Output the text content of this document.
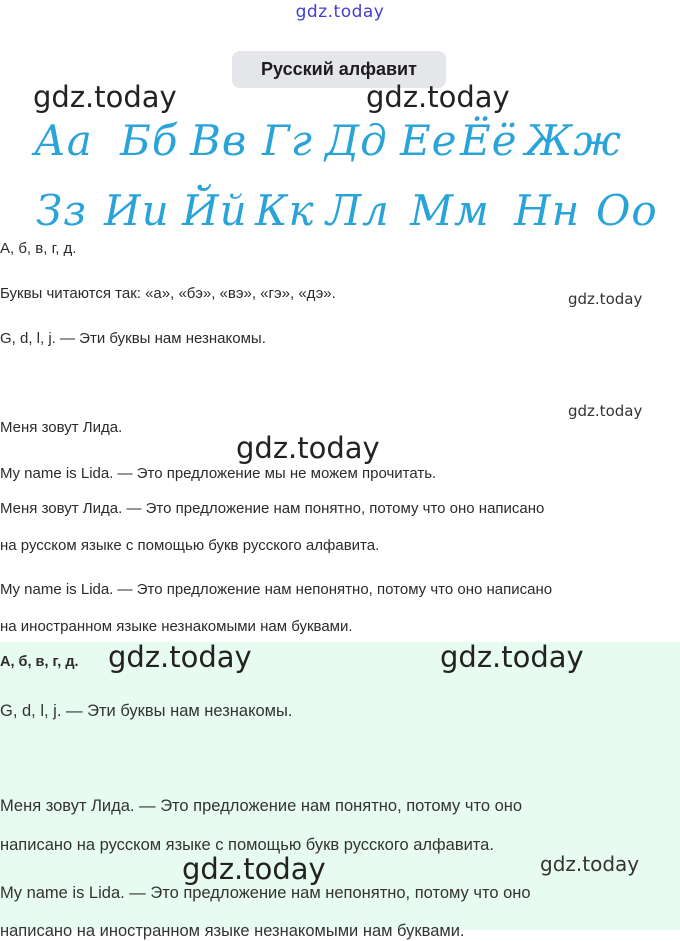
gdz.today
Русский алфавит
gdz.today	gdz.today
Аа Бб Вв Гг Дд Ее Ёё Жж
Зз Ии Йй Кк Лл Мм Нн Оо
А, б, в, г, д.
Буквы читаются так: «а», «бэ», «вэ», «гэ», «дэ».	gdz.today
G, d, l, j. — Эти буквы нам незнакомы.
gdz.today
Меня зовут Лида.
gdz.today
My name is Lida. — Это предложение мы не можем прочитать.
Меня зовут Лида. — Это предложение нам понятно, потому что оно написано
на русском языке с помощью букв русского алфавита.
My name is Lida. — Это предложение нам непонятно, потому что оно написано
на иностранном языке незнакомыми нам буквами.
А, б, в, г, д. gdz.today	gdz.today
G, d, l, j. — Эти буквы нам незнакомы.
Меня зовут Лида. — Это предложение нам понятно, потому что оно
написано на русском языке с помощью букв русского алфавита.
gdz.today	gdz.today
My name is Lida. — Это предложение нам непонятно, потому что оно
написано на иностранном языке незнакомыми нам буквами.
